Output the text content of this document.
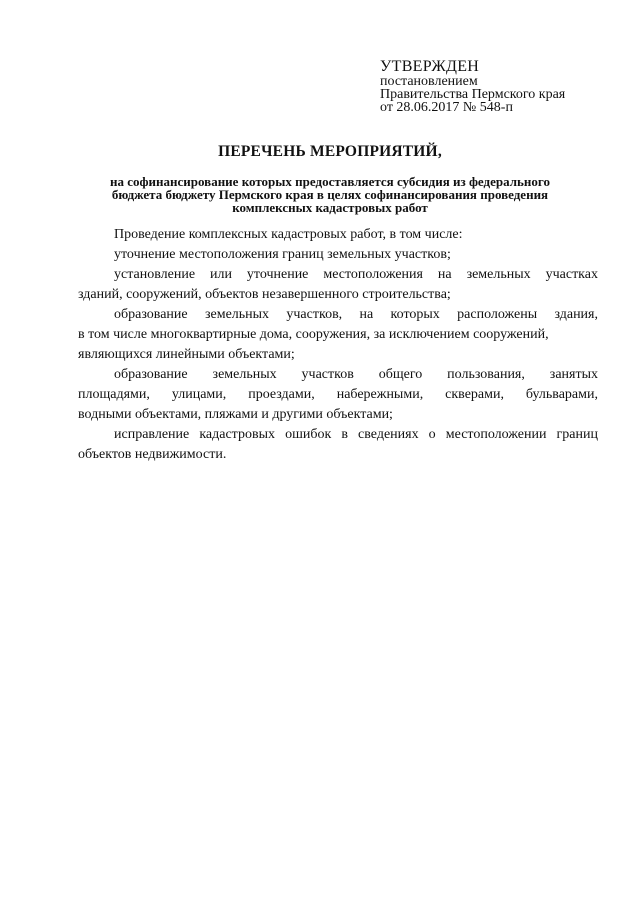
УТВЕРЖДЕН
постановлением
Правительства Пермского края
от 28.06.2017 № 548-п
ПЕРЕЧЕНЬ МЕРОПРИЯТИЙ,
на софинансирование которых предоставляется субсидия из федерального
бюджета бюджету Пермского края в целях софинансирования проведения
комплексных кадастровых работ
Проведение комплексных кадастровых работ, в том числе:
уточнение местоположения границ земельных участков;
установление или уточнение местоположения на земельных участках
зданий, сооружений, объектов незавершенного строительства;
образование земельных участков, на которых расположены здания,
в том числе многоквартирные дома, сооружения, за исключением сооружений,
являющихся линейными объектами;
образование земельных участков общего пользования, занятых
площадями, улицами, проездами, набережными, скверами, бульварами,
водными объектами, пляжами и другими объектами;
исправление кадастровых ошибок в сведениях о местоположении границ
объектов недвижимости.
